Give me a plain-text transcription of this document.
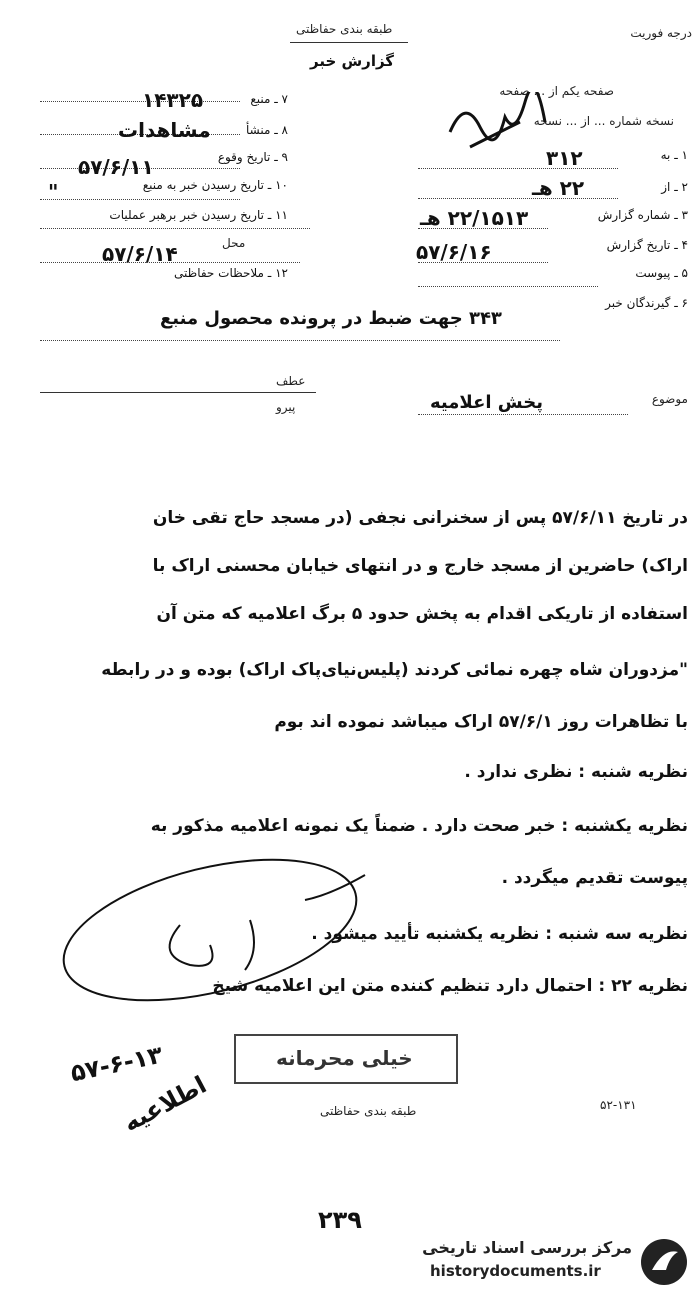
درجه فوریت
طبقه بندی حفاظتی
گزارش خبر
صفحه یکم از ... صفحه
نسخه شماره ... از ... نسخه
۷ ـ منبع
۱۴۳۲۵
۸ ـ منشأ
مشاهدات
۹ ـ تاریخ وقوع
۵۷/۶/۱۱
۱۰ ـ تاریخ رسیدن خبر به منبع
"
۱۱ ـ تاریخ رسیدن خبر برهبر عملیات
محل
۵۷/۶/۱۴
۱۲ ـ ملاحظات حفاظتی
۱ ـ به
۳۱۲
۲ ـ از
۲۲ هـ
۳ ـ شماره گزارش
۲۲/۱۵۱۳ هـ
۴ ـ تاریخ گزارش
۵۷/۶/۱۶
۵ ـ پیوست
۶ ـ گیرندگان خبر
۳۴۳ جهت ضبط در پرونده محصول منبع
عطف
پیرو
موضوع
پخش اعلامیه
در تاریخ ۵۷/۶/۱۱ پس از سخنرانی نجفی (در مسجد حاج تقی خان
اراک) حاضرین از مسجد خارج و در انتهای خیابان محسنی اراک با
استفاده از تاریکی اقدام به پخش حدود ۵ برگ اعلامیه که متن آن
"مزدوران شاه چهره نمائی کردند (پلیس‌نیای‌پاک اراک) بوده و در رابطه
با تظاهرات روز ۵۷/۶/۱ اراک میباشد نموده اند بوم
نظریه شنبه : نظری ندارد .
نظریه یکشنبه : خبر صحت دارد . ضمناً یک نمونه اعلامیه مذکور به
پیوست تقدیم میگردد .
نظریه سه شنبه : نظریه یکشنبه تأیید میشود .
نظریه ۲۲ : احتمال دارد تنظیم کننده متن این اعلامیه شیخ
خیلی محرمانه
۵۷-۶-۱۳
اطلاعیه	طبقه بندی حفاظتی	۵۲-۱۳۱
۲۳۹
مرکز بررسی اسناد تاریخی
historydocuments.ir
